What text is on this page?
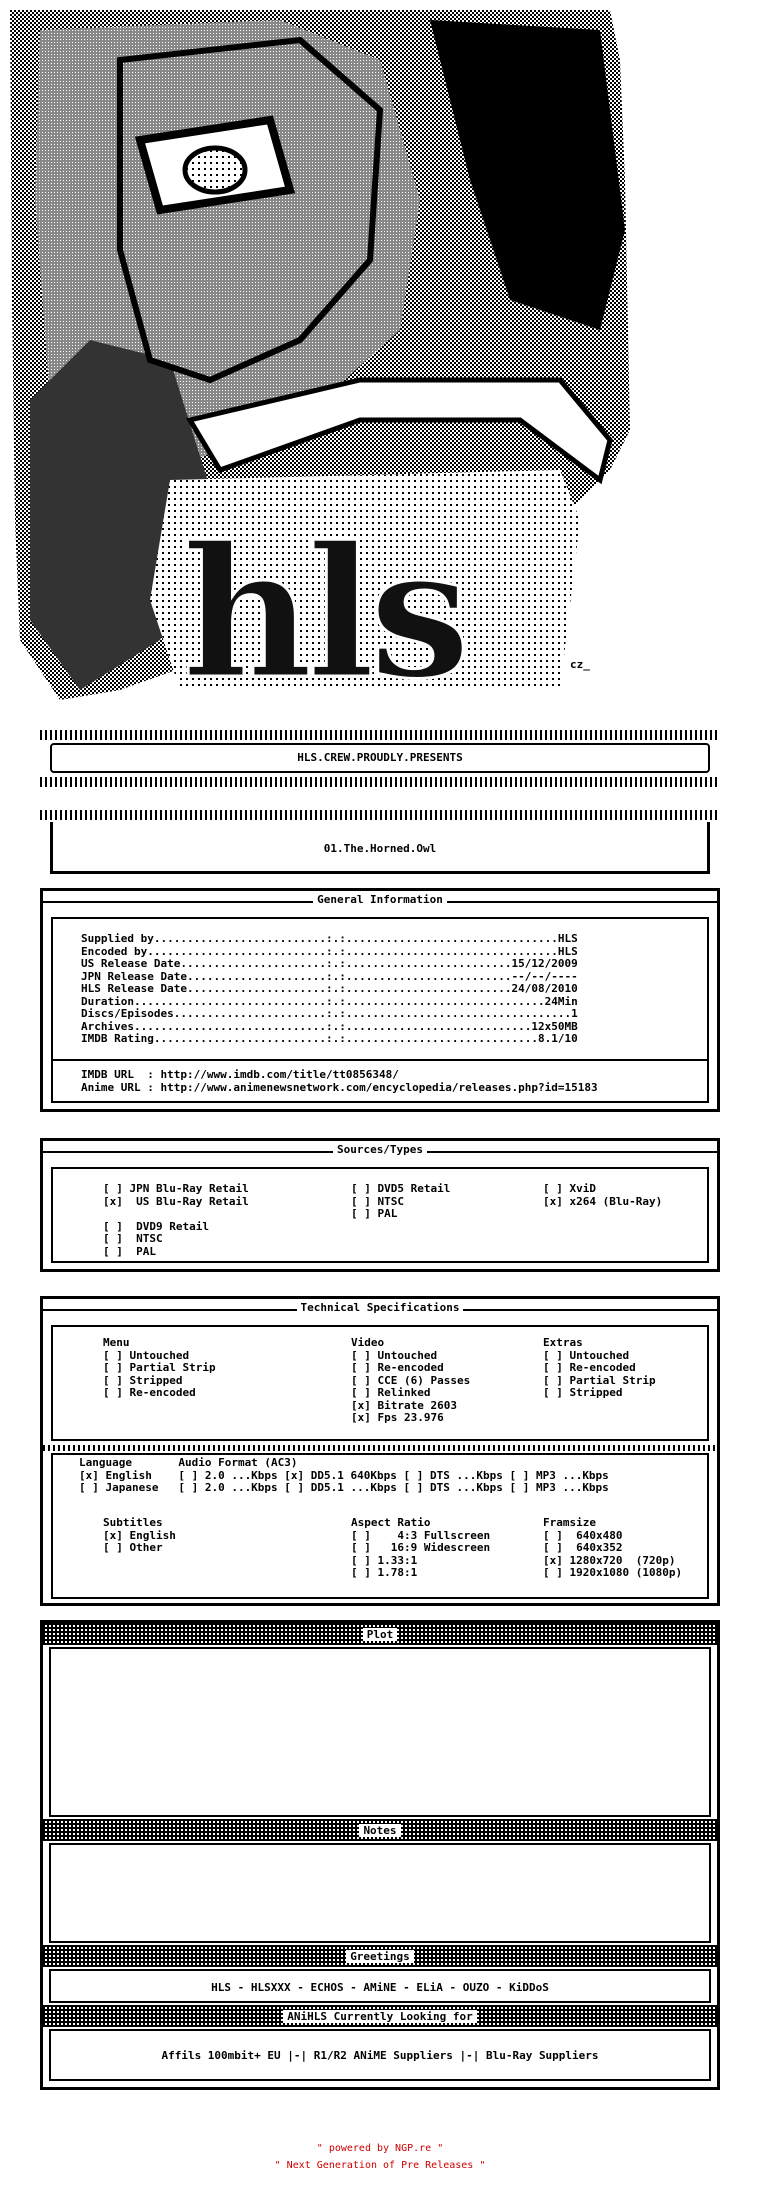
hls	cz_
HLS.CREW.PROUDLY.PRESENTS
01.The.Horned.Owl
General Information
Supplied by..........................:.:................................HLS
Encoded by...........................:.:................................HLS
US Release Date......................:.:.........................15/12/2009
JPN Release Date.....................:.:.........................--/--/----
HLS Release Date.....................:.:.........................24/08/2010
Duration.............................:.:..............................24Min
Discs/Episodes.......................:.:..................................1
Archives.............................:.:............................12x50MB
IMDB Rating..........................:.:.............................8.1/10
IMDB URL  : http://www.imdb.com/title/tt0856348/
Anime URL : http://www.animenewsnetwork.com/encyclopedia/releases.php?id=15183
Sources/Types
[ ] JPN Blu-Ray Retail
[x]  US Blu-Ray Retail

[ ]  DVD9 Retail
[ ]  NTSC
[ ]  PAL
[ ] DVD5 Retail
[ ] NTSC
[ ] PAL
[ ] XviD
[x] x264 (Blu-Ray)
Technical Specifications
Menu
[ ] Untouched
[ ] Partial Strip
[ ] Stripped
[ ] Re-encoded
Video
[ ] Untouched
[ ] Re-encoded
[ ] CCE (6) Passes
[ ] Relinked
[x] Bitrate 2603
[x] Fps 23.976
Extras
[ ] Untouched
[ ] Re-encoded
[ ] Partial Strip
[ ] Stripped
Language       Audio Format (AC3)
[x] English    [ ] 2.0 ...Kbps [x] DD5.1 640Kbps [ ] DTS ...Kbps [ ] MP3 ...Kbps
[ ] Japanese   [ ] 2.0 ...Kbps [ ] DD5.1 ...Kbps [ ] DTS ...Kbps [ ] MP3 ...Kbps
Subtitles
[x] English
[ ] Other
Aspect Ratio
[ ]    4:3 Fullscreen
[ ]   16:9 Widescreen
[ ] 1.33:1
[ ] 1.78:1
Framsize
[ ]  640x480
[ ]  640x352
[x] 1280x720  (720p)
[ ] 1920x1080 (1080p)
Plot
Notes
Greetings
HLS - HLSXXX - ECHOS - AMiNE - ELiA - OUZO - KiDDoS
ANiHLS Currently Looking for
Affils 100mbit+ EU |-| R1/R2 ANiME Suppliers |-| Blu-Ray Suppliers
" powered by NGP.re "
" Next Generation of Pre Releases "
